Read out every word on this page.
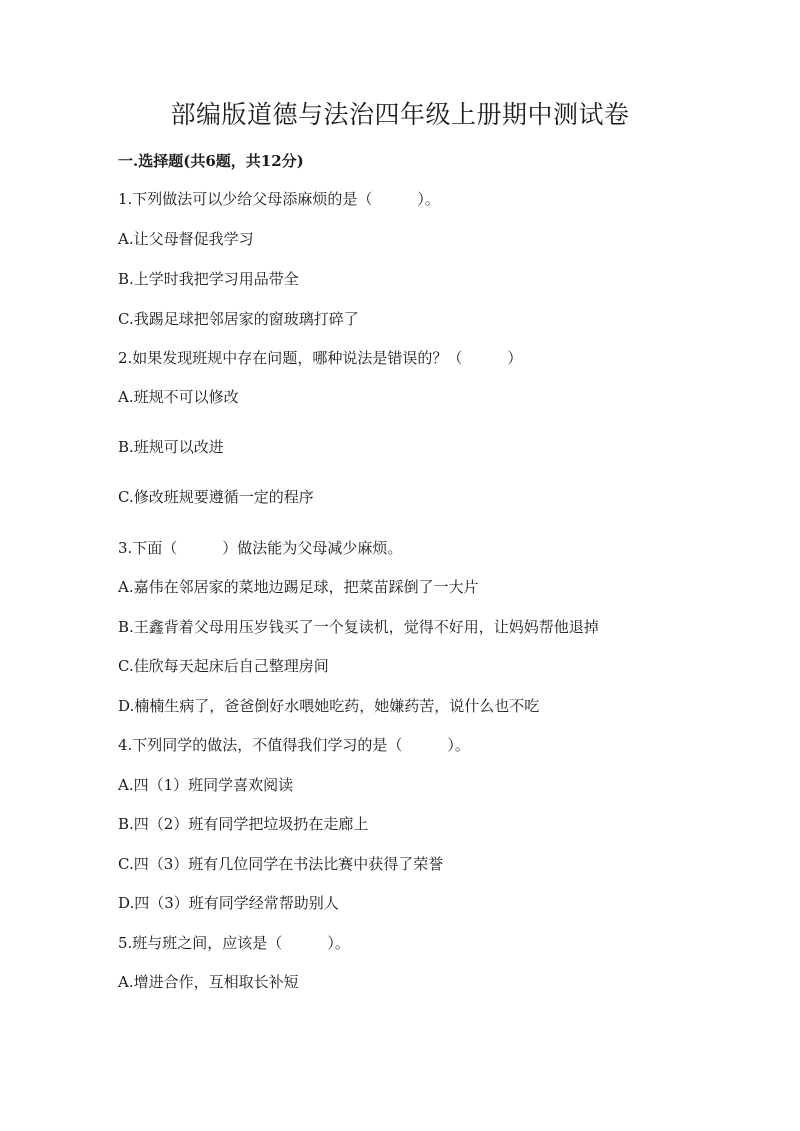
部编版道德与法治四年级上册期中测试卷
一.选择题(共6题，共12分)
1.下列做法可以少给父母添麻烦的是（　　　）。
A.让父母督促我学习
B.上学时我把学习用品带全
C.我踢足球把邻居家的窗玻璃打碎了
2.如果发现班规中存在问题，哪种说法是错误的？（　　　）
A.班规不可以修改
B.班规可以改进
C.修改班规要遵循一定的程序
3.下面（　　　）做法能为父母减少麻烦。
A.嘉伟在邻居家的菜地边踢足球，把菜苗踩倒了一大片
B.王鑫背着父母用压岁钱买了一个复读机，觉得不好用，让妈妈帮他退掉
C.佳欣每天起床后自己整理房间
D.楠楠生病了，爸爸倒好水喂她吃药，她嫌药苦，说什么也不吃
4.下列同学的做法，不值得我们学习的是（　　　）。
A.四（1）班同学喜欢阅读
B.四（2）班有同学把垃圾扔在走廊上
C.四（3）班有几位同学在书法比赛中获得了荣誉
D.四（3）班有同学经常帮助别人
5.班与班之间，应该是（　　　）。
A.增进合作，互相取长补短
